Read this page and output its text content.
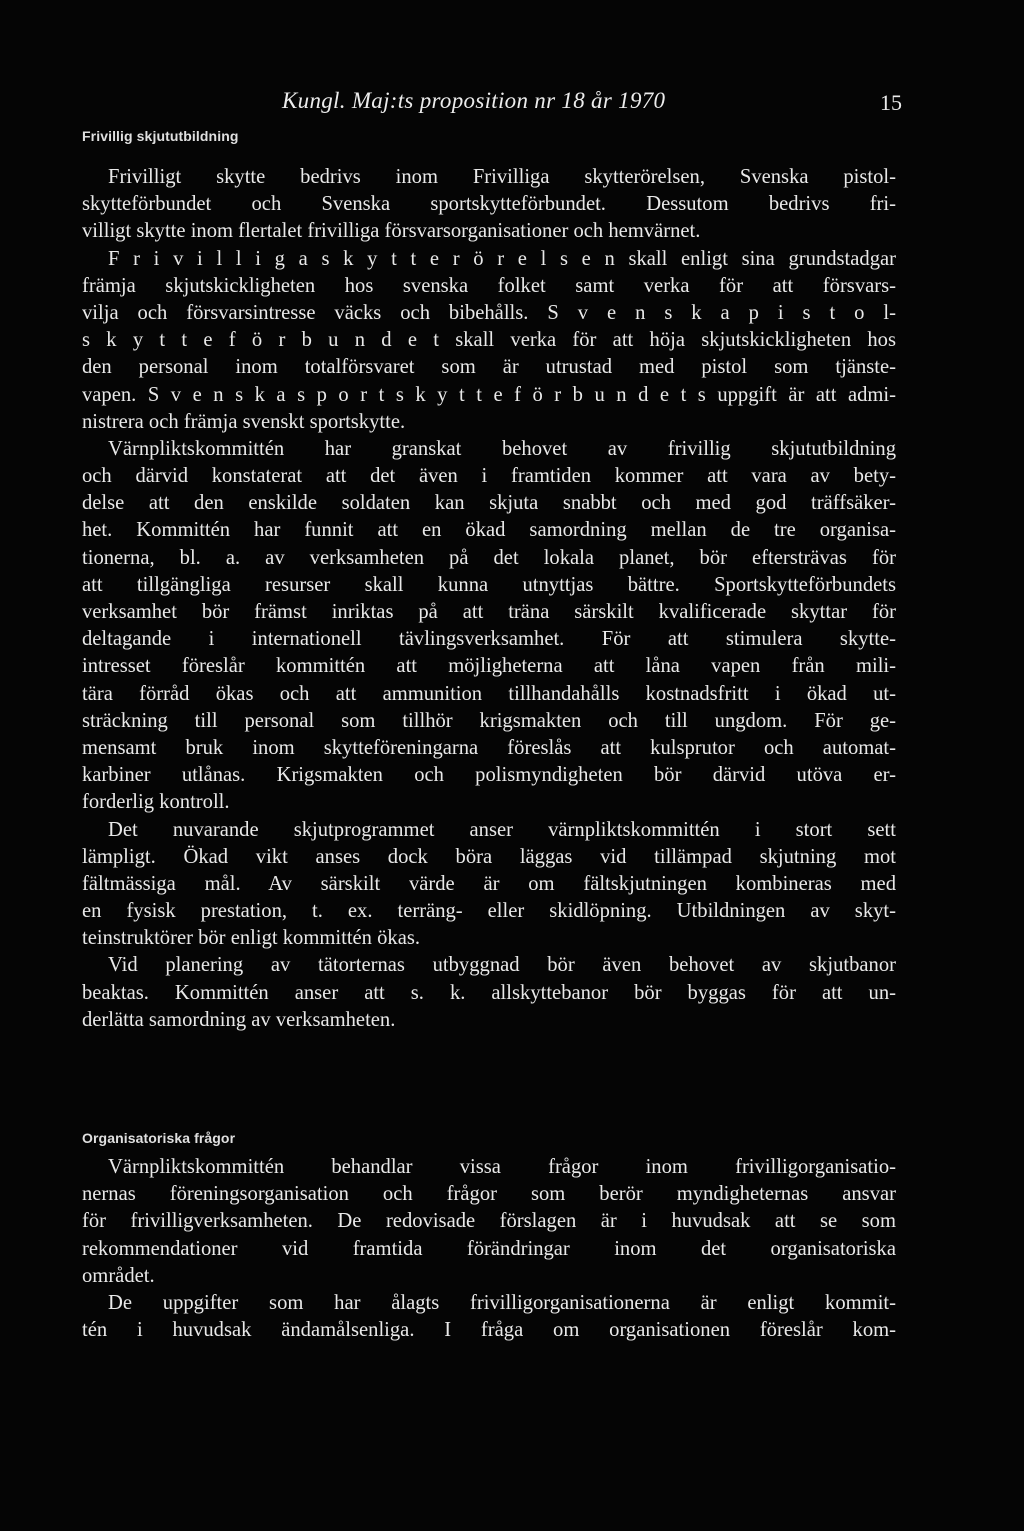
Kungl. Maj:ts proposition nr 18 år 1970	15
Frivillig skjututbildning
Frivilligt skytte bedrivs inom Frivilliga skytterörelsen, Svenska pistol-
skytteförbundet och Svenska sportskytteförbundet. Dessutom bedrivs fri-
villigt skytte inom flertalet frivilliga försvarsorganisationer och hemvärnet.
F r i v i l l i g a s k y t t e r ö r e l s e n skall enligt sina grundstadgar
främja skjutskickligheten hos svenska folket samt verka för att försvars-
vilja och försvarsintresse väcks och bibehålls. S v e n s k a p i s t o l-
s k y t t e f ö r b u n d e t skall verka för att höja skjutskickligheten hos
den personal inom totalförsvaret som är utrustad med pistol som tjänste-
vapen. S v e n s k a s p o r t s k y t t e f ö r b u n d e t s uppgift är att admi-
nistrera och främja svenskt sportskytte.
Värnpliktskommittén har granskat behovet av frivillig skjututbildning
och därvid konstaterat att det även i framtiden kommer att vara av bety-
delse att den enskilde soldaten kan skjuta snabbt och med god träffsäker-
het. Kommittén har funnit att en ökad samordning mellan de tre organisa-
tionerna, bl. a. av verksamheten på det lokala planet, bör eftersträvas för
att tillgängliga resurser skall kunna utnyttjas bättre. Sportskytteförbundets
verksamhet bör främst inriktas på att träna särskilt kvalificerade skyttar för
deltagande i internationell tävlingsverksamhet. För att stimulera skytte-
intresset föreslår kommittén att möjligheterna att låna vapen från mili-
tära förråd ökas och att ammunition tillhandahålls kostnadsfritt i ökad ut-
sträckning till personal som tillhör krigsmakten och till ungdom. För ge-
mensamt bruk inom skytteföreningarna föreslås att kulsprutor och automat-
karbiner utlånas. Krigsmakten och polismyndigheten bör därvid utöva er-
forderlig kontroll.
Det nuvarande skjutprogrammet anser värnpliktskommittén i stort sett
lämpligt. Ökad vikt anses dock böra läggas vid tillämpad skjutning mot
fältmässiga mål. Av särskilt värde är om fältskjutningen kombineras med
en fysisk prestation, t. ex. terräng- eller skidlöpning. Utbildningen av skyt-
teinstruktörer bör enligt kommittén ökas.
Vid planering av tätorternas utbyggnad bör även behovet av skjutbanor
beaktas. Kommittén anser att s. k. allskyttebanor bör byggas för att un-
derlätta samordning av verksamheten.
Organisatoriska frågor
Värnpliktskommittén behandlar vissa frågor inom frivilligorganisatio-
nernas föreningsorganisation och frågor som berör myndigheternas ansvar
för frivilligverksamheten. De redovisade förslagen är i huvudsak att se som
rekommendationer vid framtida förändringar inom det organisatoriska
området.
De uppgifter som har ålagts frivilligorganisationerna är enligt kommit-
tén i huvudsak ändamålsenliga. I fråga om organisationen föreslår kom-
